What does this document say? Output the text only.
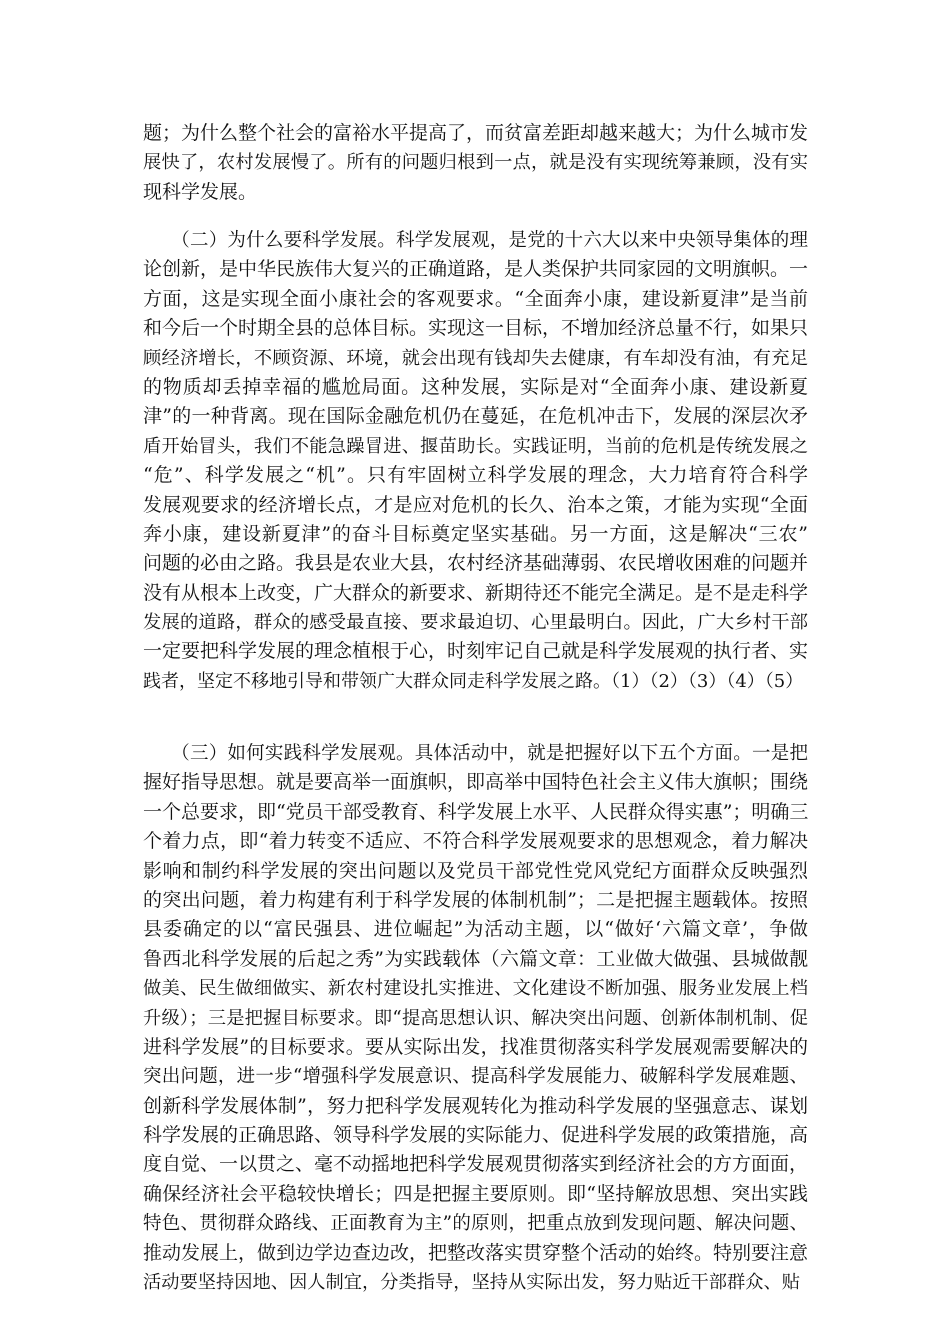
题；为什么整个社会的富裕水平提高了，而贫富差距却越来越大；为什么城市发
展快了，农村发展慢了。所有的问题归根到一点，就是没有实现统筹兼顾，没有实
现科学发展。
　　（二）为什么要科学发展。科学发展观，是党的十六大以来中央领导集体的理
论创新，是中华民族伟大复兴的正确道路，是人类保护共同家园的文明旗帜。一
方面，这是实现全面小康社会的客观要求。“全面奔小康，建设新夏津”是当前
和今后一个时期全县的总体目标。实现这一目标，不增加经济总量不行，如果只
顾经济增长，不顾资源、环境，就会出现有钱却失去健康，有车却没有油，有充足
的物质却丢掉幸福的尴尬局面。这种发展，实际是对“全面奔小康、建设新夏
津”的一种背离。现在国际金融危机仍在蔓延，在危机冲击下，发展的深层次矛
盾开始冒头，我们不能急躁冒进、揠苗助长。实践证明，当前的危机是传统发展之
“危”、科学发展之“机”。只有牢固树立科学发展的理念，大力培育符合科学
发展观要求的经济增长点，才是应对危机的长久、治本之策，才能为实现“全面
奔小康，建设新夏津”的奋斗目标奠定坚实基础。另一方面，这是解决“三农”
问题的必由之路。我县是农业大县，农村经济基础薄弱、农民增收困难的问题并
没有从根本上改变，广大群众的新要求、新期待还不能完全满足。是不是走科学
发展的道路，群众的感受最直接、要求最迫切、心里最明白。因此，广大乡村干部
一定要把科学发展的理念植根于心，时刻牢记自己就是科学发展观的执行者、实
践者，坚定不移地引导和带领广大群众同走科学发展之路。（1）（2）（3）（4）（5）
　　（三）如何实践科学发展观。具体活动中，就是把握好以下五个方面。一是把
握好指导思想。就是要高举一面旗帜，即高举中国特色社会主义伟大旗帜；围绕
一个总要求，即“党员干部受教育、科学发展上水平、人民群众得实惠”；明确三
个着力点，即“着力转变不适应、不符合科学发展观要求的思想观念，着力解决
影响和制约科学发展的突出问题以及党员干部党性党风党纪方面群众反映强烈
的突出问题，着力构建有利于科学发展的体制机制”；二是把握主题载体。按照
县委确定的以“富民强县、进位崛起”为活动主题，以“做好‘六篇文章’，争做
鲁西北科学发展的后起之秀”为实践载体（六篇文章：工业做大做强、县城做靓
做美、民生做细做实、新农村建设扎实推进、文化建设不断加强、服务业发展上档
升级）；三是把握目标要求。即“提高思想认识、解决突出问题、创新体制机制、促
进科学发展”的目标要求。要从实际出发，找准贯彻落实科学发展观需要解决的
突出问题，进一步“增强科学发展意识、提高科学发展能力、破解科学发展难题、
创新科学发展体制”，努力把科学发展观转化为推动科学发展的坚强意志、谋划
科学发展的正确思路、领导科学发展的实际能力、促进科学发展的政策措施，高
度自觉、一以贯之、毫不动摇地把科学发展观贯彻落实到经济社会的方方面面，
确保经济社会平稳较快增长；四是把握主要原则。即“坚持解放思想、突出实践
特色、贯彻群众路线、正面教育为主”的原则，把重点放到发现问题、解决问题、
推动发展上，做到边学边查边改，把整改落实贯穿整个活动的始终。特别要注意
活动要坚持因地、因人制宜，分类指导，坚持从实际出发，努力贴近干部群众、贴
